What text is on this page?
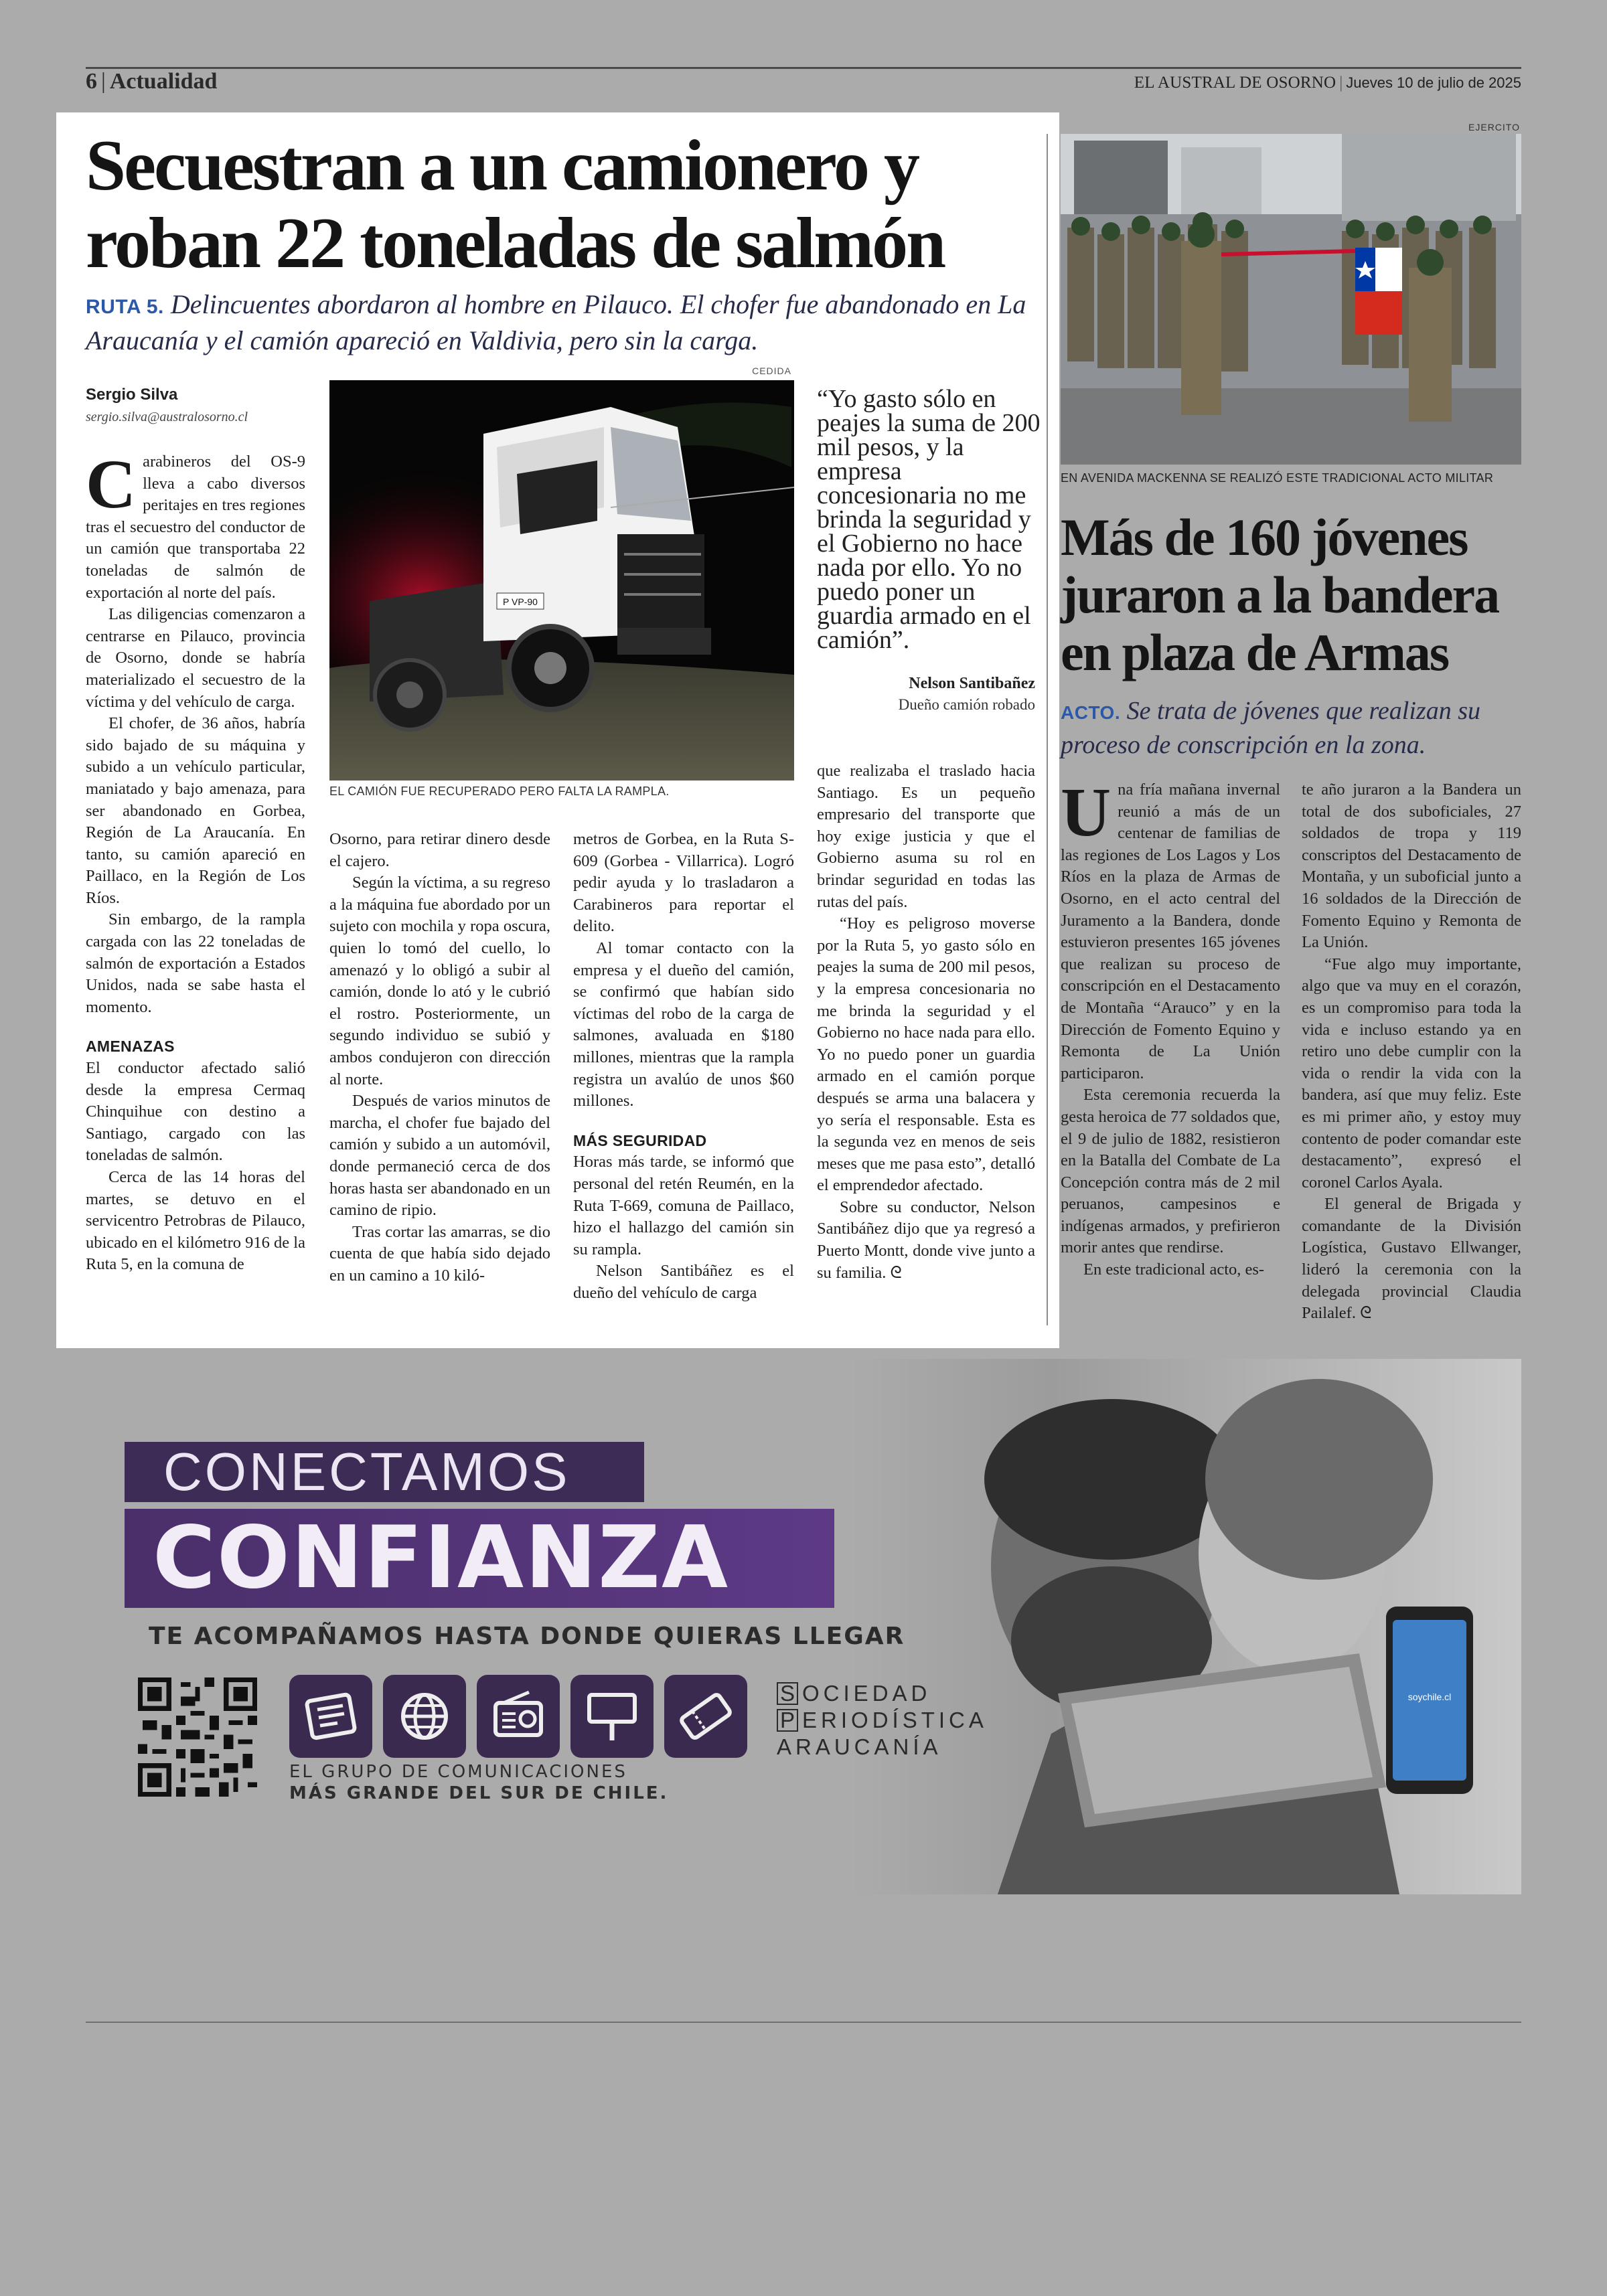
6 | Actualidad	EL AUSTRAL DE OSORNO | Jueves 10 de julio de 2025
Secuestran a un camionero y roban 22 toneladas de salmón
RUTA 5. Delincuentes abordaron al hombre en Pilauco. El chofer fue abandonado en La Araucanía y el camión apareció en Valdivia, pero sin la carga.
Sergio Silva
sergio.silva@australosorno.cl
CEDIDA
P VP-90
EL CAMIÓN FUE RECUPERADO PERO FALTA LA RAMPLA.
“Yo gasto sólo en peajes la suma de 200 mil pesos, y la empresa concesionaria no me brinda la seguridad y el Gobierno no hace nada por ello. Yo no puedo poner un guardia armado en el camión”.
Nelson Santibañez
Dueño camión robado

Carabineros del OS-9 lleva a cabo diversos peritajes en tres regiones tras el secuestro del conductor de un camión que transportaba 22 toneladas de salmón de exportación al norte del país.

Las diligencias comenzaron a centrarse en Pilauco, provincia de Osorno, donde se habría materializado el secuestro de la víctima y del vehículo de carga.

El chofer, de 36 años, habría sido bajado de su máquina y subido a un vehículo particular, maniatado y bajo amenaza, para ser abandonado en Gorbea, Región de La Araucanía. En tanto, su camión apareció en Paillaco, en la Región de Los Ríos.

Sin embargo, de la rampla cargada con las 22 toneladas de salmón de exportación a Estados Unidos, nada se sabe hasta el momento.

AMENAZAS

El conductor afectado salió desde la empresa Cermaq Chinquihue con destino a Santiago, cargado con las toneladas de salmón.

Cerca de las 14 horas del martes, se detuvo en el servicentro Petrobras de Pilauco, ubicado en el kilómetro 916 de la Ruta 5, en la comuna de

Osorno, para retirar dinero desde el cajero.

Según la víctima, a su regreso a la máquina fue abordado por un sujeto con mochila y ropa oscura, quien lo tomó del cuello, lo amenazó y lo obligó a subir al camión, donde lo ató y le cubrió el rostro. Posteriormente, un segundo individuo se subió y ambos condujeron con dirección al norte.

Después de varios minutos de marcha, el chofer fue bajado del camión y subido a un automóvil, donde permaneció cerca de dos horas hasta ser abandonado en un camino de ripio.

Tras cortar las amarras, se dio cuenta de que había sido dejado en un camino a 10 kiló-

metros de Gorbea, en la Ruta S-609 (Gorbea - Villarrica). Logró pedir ayuda y lo trasladaron a Carabineros para reportar el delito.

Al tomar contacto con la empresa y el dueño del camión, se confirmó que habían sido víctimas del robo de la carga de salmones, avaluada en $180 millones, mientras que la rampla registra un avalúo de unos $60 millones.

MÁS SEGURIDAD

Horas más tarde, se informó que personal del retén Reumén, en la Ruta T-669, comuna de Paillaco, hizo el hallazgo del camión sin su rampla.

Nelson Santibáñez es el dueño del vehículo de carga

que realizaba el traslado hacia Santiago. Es un pequeño empresario del transporte que hoy exige justicia y que el Gobierno asuma su rol en brindar seguridad en todas las rutas del país.

“Hoy es peligroso moverse por la Ruta 5, yo gasto sólo en peajes la suma de 200 mil pesos, y la empresa concesionaria no me brinda la seguridad y el Gobierno no hace nada para ello. Yo no puedo poner un guardia armado en el camión porque después se arma una balacera y yo sería el responsable. Esta es la segunda vez en menos de seis meses que me pasa esto”, detalló el emprendedor afectado.

Sobre su conductor, Nelson Santibáñez dijo que ya regresó a Puerto Montt, donde vive junto a su familia. ᘓ

EJERCITO
EN AVENIDA MACKENNA SE REALIZÓ ESTE TRADICIONAL ACTO MILITAR
Más de 160 jóvenes juraron a la bandera en plaza de Armas
ACTO. Se trata de jóvenes que realizan su proceso de conscripción en la zona.

Una fría mañana invernal reunió a más de un centenar de familias de las regiones de Los Lagos y Los Ríos en la plaza de Armas de Osorno, en el acto central del Juramento a la Bandera, donde estuvieron presentes 165 jóvenes que realizan su proceso de conscripción en el Destacamento de Montaña “Arauco” y en la Dirección de Fomento Equino y Remonta de La Unión participaron.

Esta ceremonia recuerda la gesta heroica de 77 soldados que, el 9 de julio de 1882, resistieron en la Batalla del Combate de La Concepción contra más de 2 mil peruanos, campesinos e indígenas armados, y prefirieron morir antes que rendirse.

En este tradicional acto, es-

te año juraron a la Bandera un total de dos suboficiales, 27 soldados de tropa y 119 conscriptos del Destacamento de Montaña, y un suboficial junto a 16 soldados de la Dirección de Fomento Equino y Remonta de La Unión.

“Fue algo muy importante, algo que va muy en el corazón, es un compromiso para toda la vida e incluso estando ya en retiro uno debe cumplir con la vida o rendir la vida con la bandera, así que muy feliz. Este es mi primer año, y estoy muy contento de poder comandar este destacamento”, expresó el coronel Carlos Ayala.

El general de Brigada y comandante de la División Logística, Gustavo Ellwanger, lideró la ceremonia con la delegada provincial Claudia Pailalef. ᘓ

soychile.cl
CONECTAMOS
CONFIANZA
TE ACOMPAÑAMOS HASTA DONDE QUIERAS LLEGAR
S OCIEDAD
P ERIODÍSTICA
ARAUCANÍA
EL GRUPO DE COMUNICACIONES
MÁS GRANDE DEL SUR DE CHILE.
